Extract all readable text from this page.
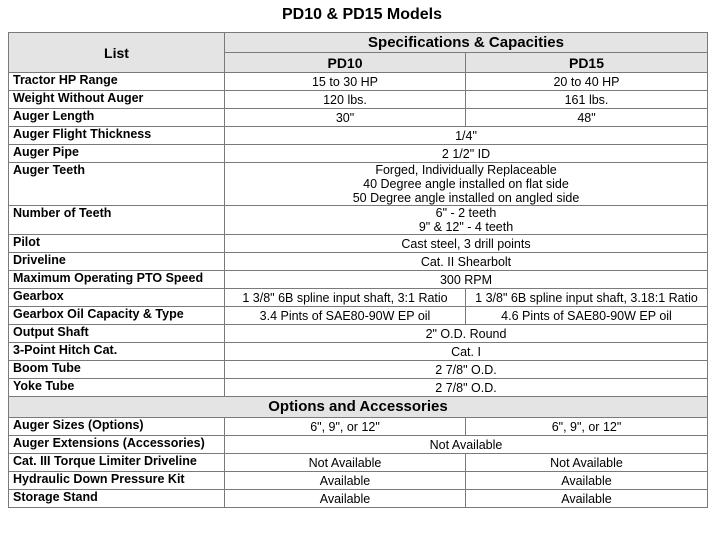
PD10 & PD15 Models
List	Specifications & Capacities	
	PD10	PD15
Tractor HP Range	15 to 30 HP	20 to 40 HP
Weight Without Auger	120 lbs.	161 lbs.
Auger Length	30"	48"
Auger Flight Thickness	1/4"	
Auger Pipe	2 1/2" ID	
Auger Teeth	Forged, Individually Replaceable
40 Degree angle installed on flat side
50 Degree angle installed on angled side	

Number of Teeth	6" - 2 teeth
9" & 12" - 4 teeth	

Pilot	Cast steel, 3 drill points	
Driveline	Cat. II Shearbolt	
Maximum Operating PTO Speed	300 RPM	
Gearbox	1 3/8" 6B spline input shaft, 3:1 Ratio	1 3/8" 6B spline input shaft, 3.18:1 Ratio
Gearbox Oil Capacity & Type	3.4 Pints of SAE80-90W EP oil	4.6 Pints of SAE80-90W EP oil
Output Shaft	2" O.D. Round	
3-Point Hitch Cat.	Cat. I	
Boom Tube	2 7/8" O.D.	
Yoke Tube	2 7/8" O.D.	
Options and Accessories		
Auger Sizes (Options)	6", 9", or 12"	6", 9", or 12"
Auger Extensions (Accessories)	Not Available	
Cat. III Torque Limiter Driveline	Not Available	Not Available
Hydraulic Down Pressure Kit	Available	Available
Storage Stand	Available	Available
